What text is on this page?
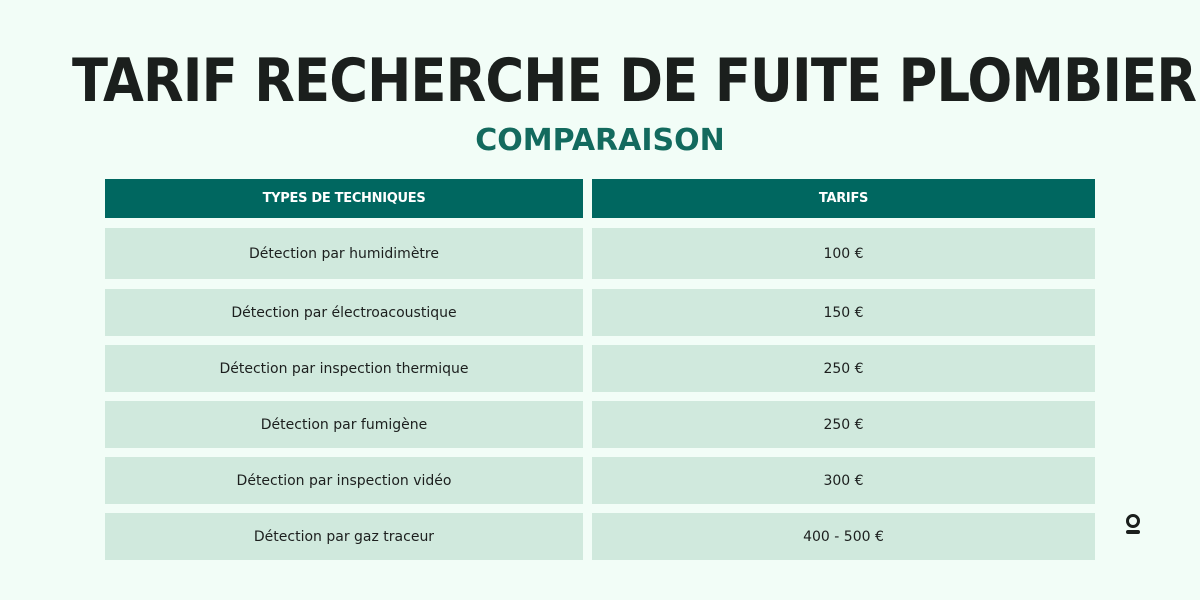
TARIF RECHERCHE DE FUITE PLOMBIER
COMPARAISON
TYPES DE TECHNIQUES	TARIFS
Détection par humidimètre	100 €
Détection par électroacoustique	150 €
Détection par inspection thermique	250 €
Détection par fumigène	250 €
Détection par inspection vidéo	300 €
Détection par gaz traceur	400 - 500 €
